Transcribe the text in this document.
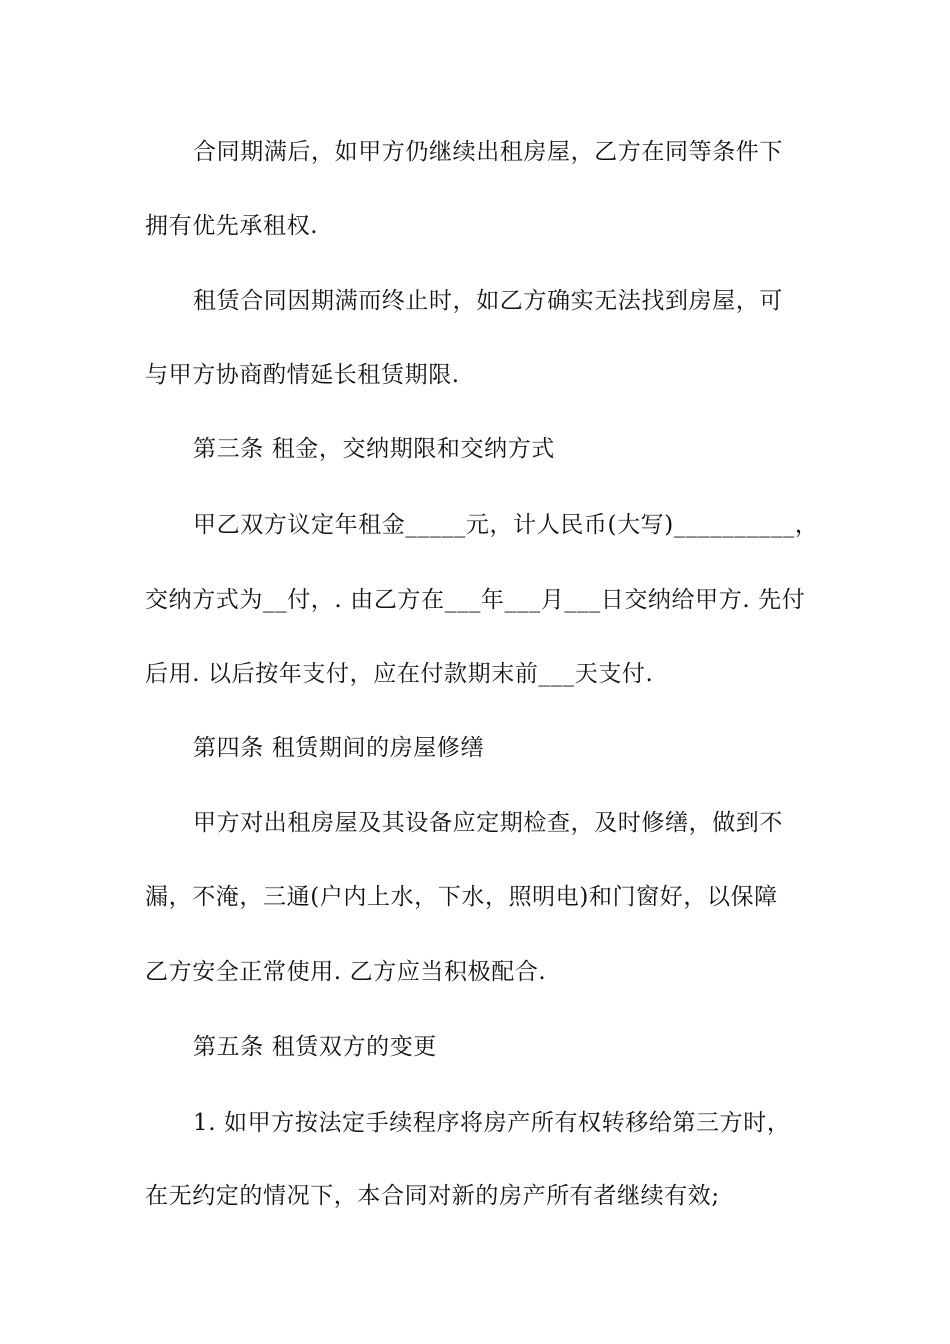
合同期满后，如甲方仍继续出租房屋，乙方在同等条件下

拥有优先承租权.

租赁合同因期满而终止时，如乙方确实无法找到房屋，可

与甲方协商酌情延长租赁期限.

第三条 租金，交纳期限和交纳方式

甲乙双方议定年租金_____元，计人民币(大写)__________，

交纳方式为__付，. 由乙方在___年___月___日交纳给甲方. 先付

后用. 以后按年支付，应在付款期末前___天支付.

第四条 租赁期间的房屋修缮

甲方对出租房屋及其设备应定期检查，及时修缮，做到不

漏，不淹，三通(户内上水，下水，照明电)和门窗好，以保障

乙方安全正常使用. 乙方应当积极配合.

第五条 租赁双方的变更

1. 如甲方按法定手续程序将房产所有权转移给第三方时，

在无约定的情况下，本合同对新的房产所有者继续有效;
